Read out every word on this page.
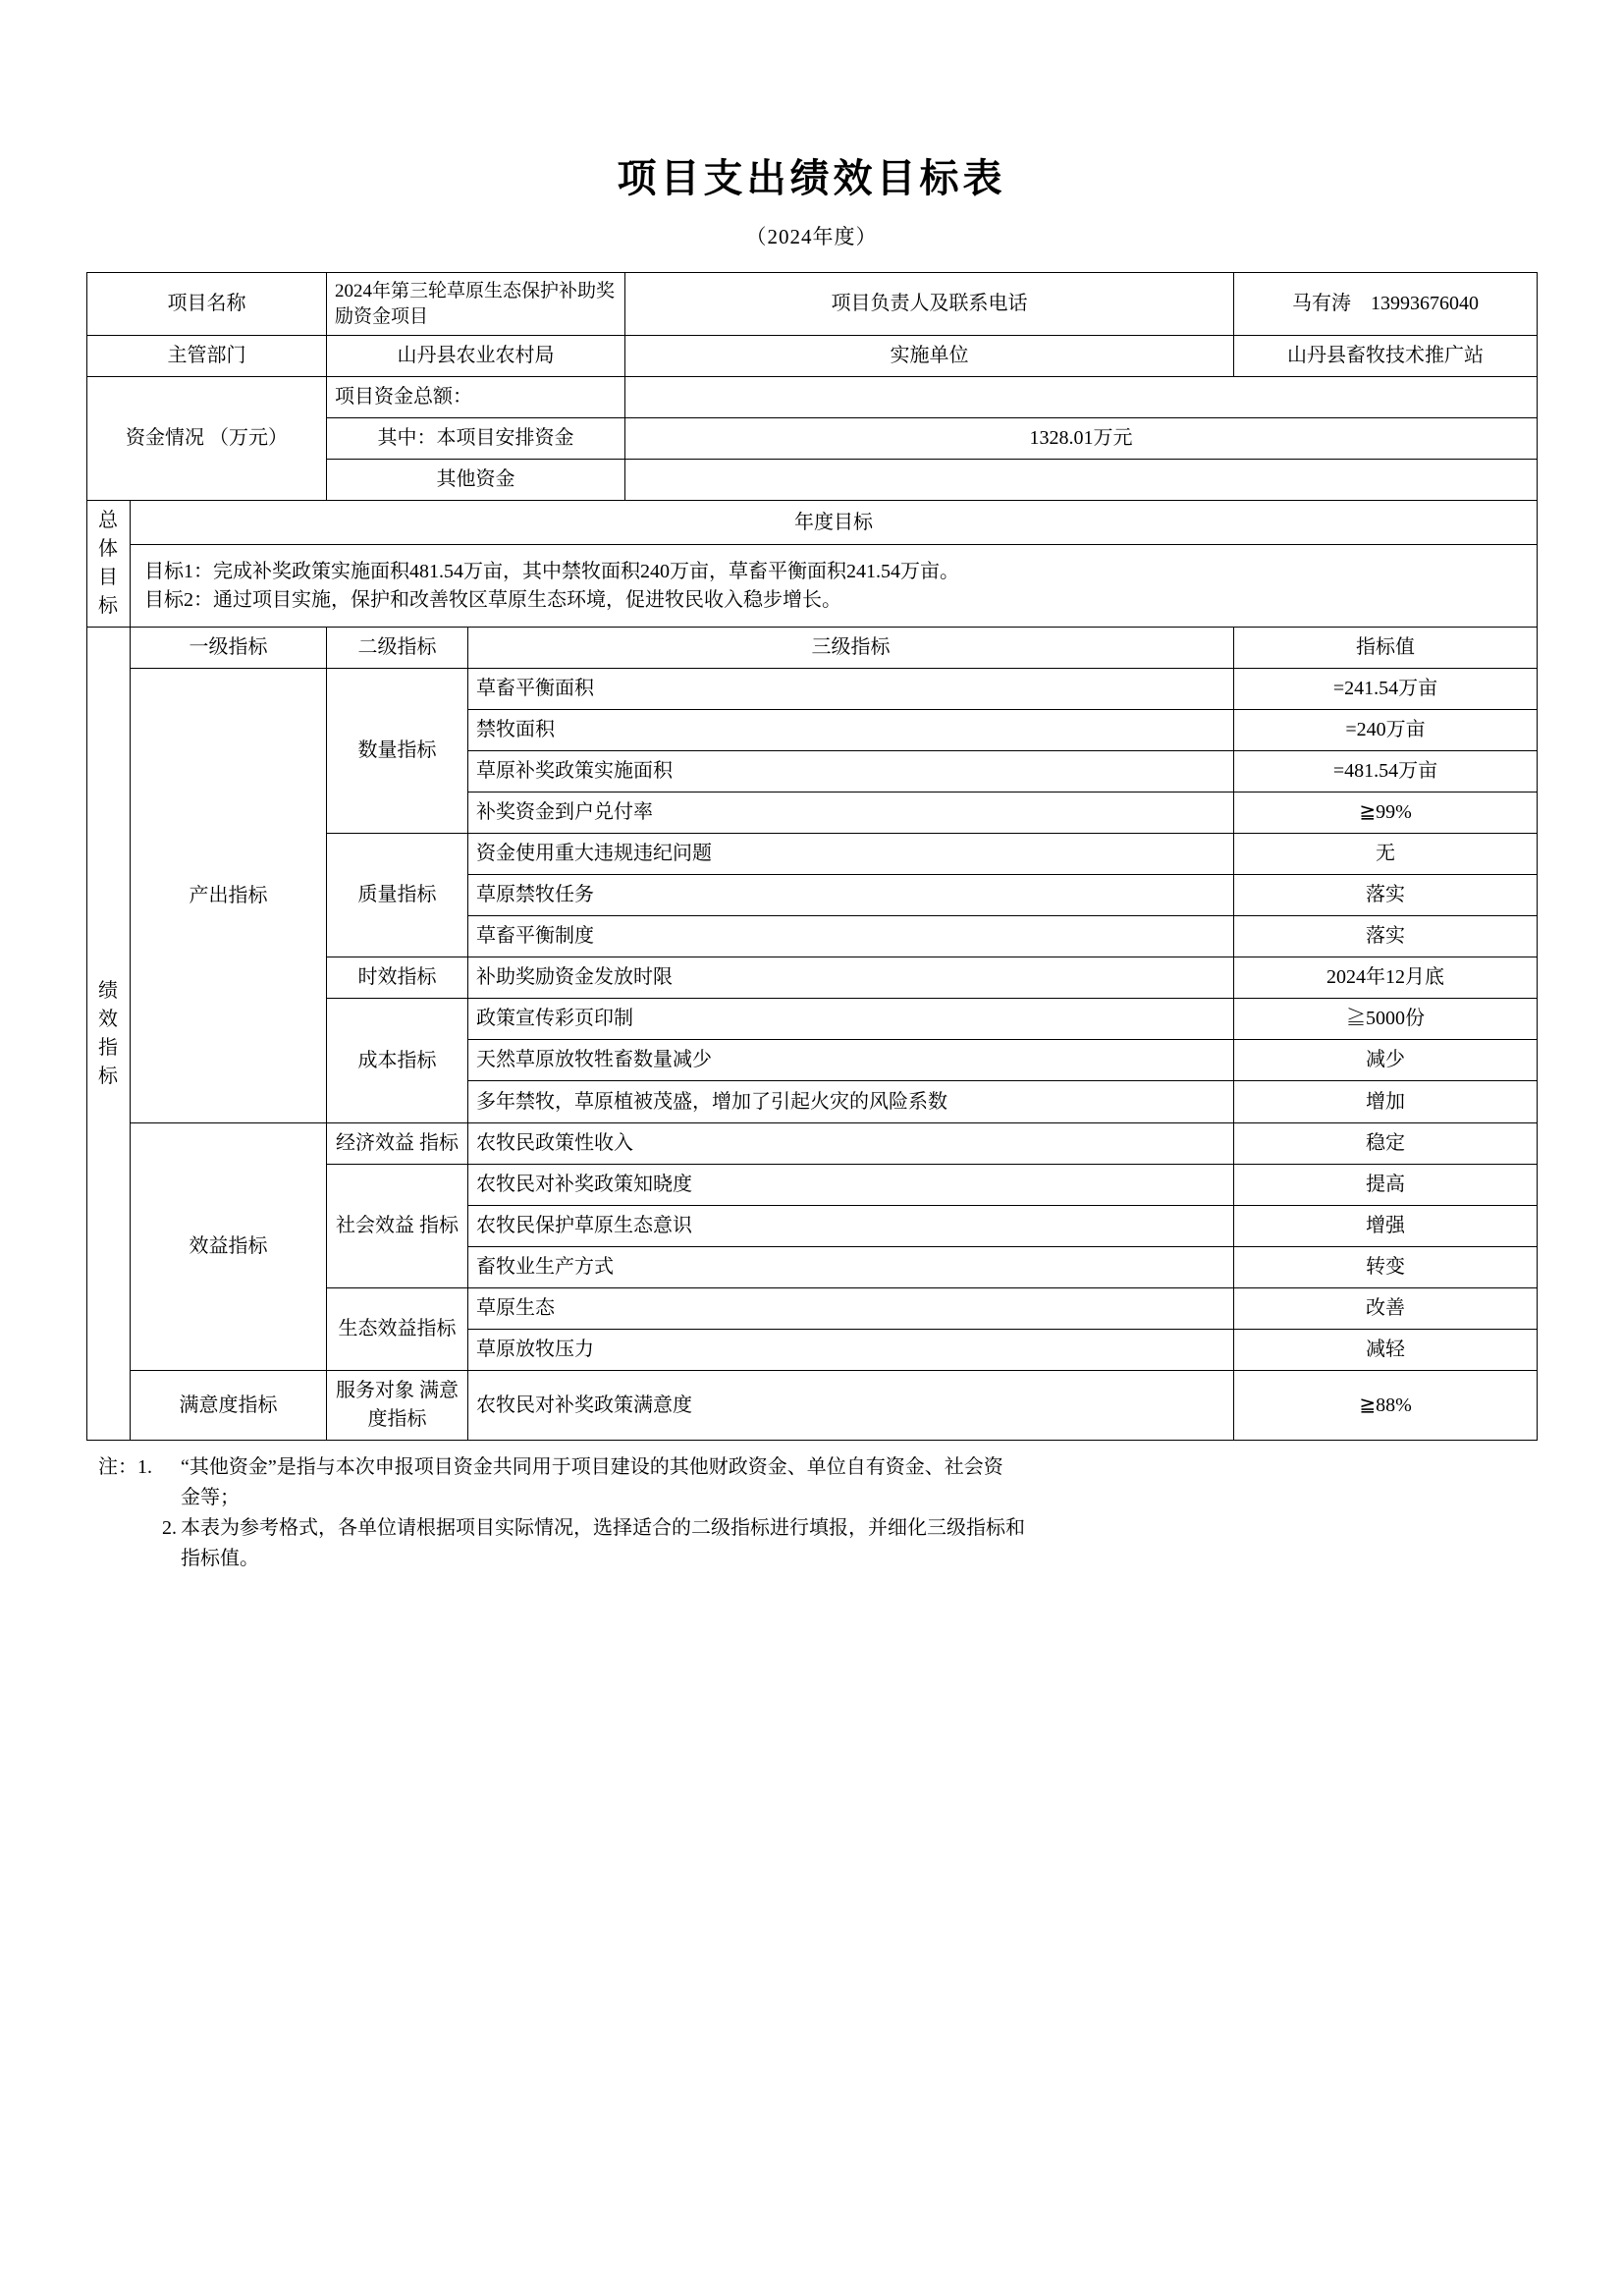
项目支出绩效目标表
（2024年度）
项目名称		2024年第三轮草原生态保护补助奖励资金项目		项目负责人及联系电话	马有涛　13993676040
主管部门		山丹县农业农村局		实施单位	山丹县畜牧技术推广站
资金情况 （万元）		项目资金总额：			
		其中：本项目安排资金		1328.01万元	
		其他资金			

总
体
目
标	年度目标				

	目标1：完成补奖政策实施面积481.54万亩，其中禁牧面积240万亩，草畜平衡面积241.54万亩。
目标2：通过项目实施，保护和改善牧区草原生态环境，促进牧民收入稳步增长。				

绩
效
指
标	一级指标	二级指标	三级指标		指标值
	产出指标	数量指标	草畜平衡面积		=241.54万亩
			禁牧面积		=240万亩
			草原补奖政策实施面积		=481.54万亩
			补奖资金到户兑付率		≧99%
		质量指标	资金使用重大违规违纪问题		无
			草原禁牧任务		落实
			草畜平衡制度		落实
		时效指标	补助奖励资金发放时限		2024年12月底
		成本指标	政策宣传彩页印制		≧5000份
			天然草原放牧牲畜数量减少		减少
			多年禁牧，草原植被茂盛，增加了引起火灾的风险系数		增加
	效益指标	经济效益 指标	农牧民政策性收入		稳定
		社会效益 指标	农牧民对补奖政策知晓度		提高
			农牧民保护草原生态意识		增强
			畜牧业生产方式		转变
		生态效益指标	草原生态		改善
			草原放牧压力		减轻
	满意度指标	服务对象 满意度指标	农牧民对补奖政策满意度		≧88%
注：1.	“其他资金”是指与本次申报项目资金共同用于项目建设的其他财政资金、单位自有资金、社会资
金等；
2. 本表为参考格式，各单位请根据项目实际情况，选择适合的二级指标进行填报，并细化三级指标和
指标值。
